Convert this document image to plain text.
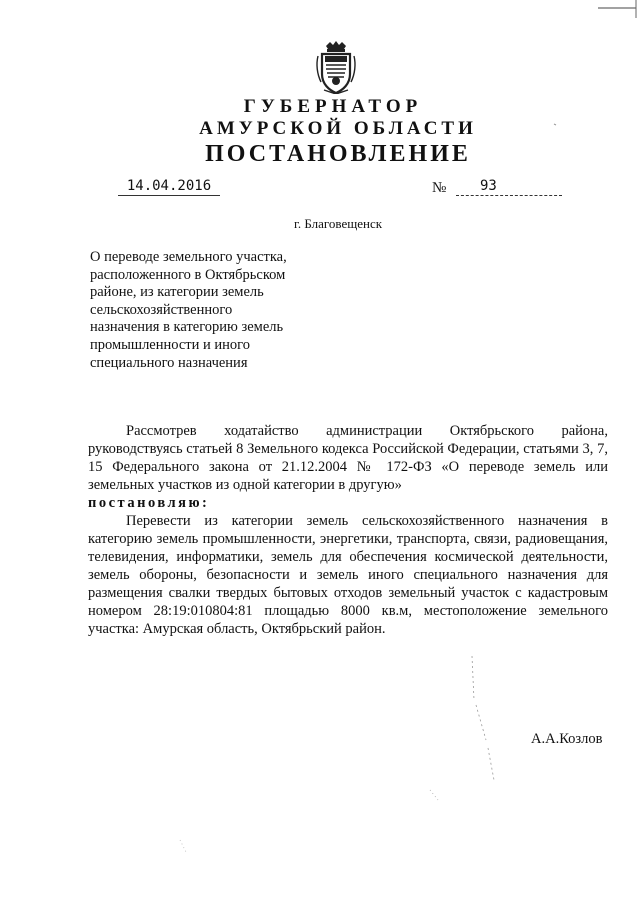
ГУБЕРНАТОР
АМУРСКОЙ ОБЛАСТИ
ПОСТАНОВЛЕНИЕ
14.04.2016	№	93
г. Благовещенск
О переводе земельного участка, расположенного в Октябрьском районе, из категории земель сельскохозяйственного назначения в категорию земель промышленности и иного специального назначения

Рассмотрев ходатайство администрации Октябрьского района, руководствуясь статьей 8 Земельного кодекса Российской Федерации, статьями 3, 7, 15 Федерального закона от 21.12.2004 № 172-ФЗ «О переводе земель или земельных участков из одной категории в другую»

постановляю:

Перевести из категории земель сельскохозяйственного назначения в категорию земель промышленности, энергетики, транспорта, связи, радиовещания, телевидения, информатики, земель для обеспечения космической деятельности, земель обороны, безопасности и земель иного специального назначения для размещения свалки твердых бытовых отходов земельный участок с кадастровым номером 28:19:010804:81 площадью 8000 кв.м, местоположение земельного участка: Амурская область, Октябрьский район.

А.А.Козлов
